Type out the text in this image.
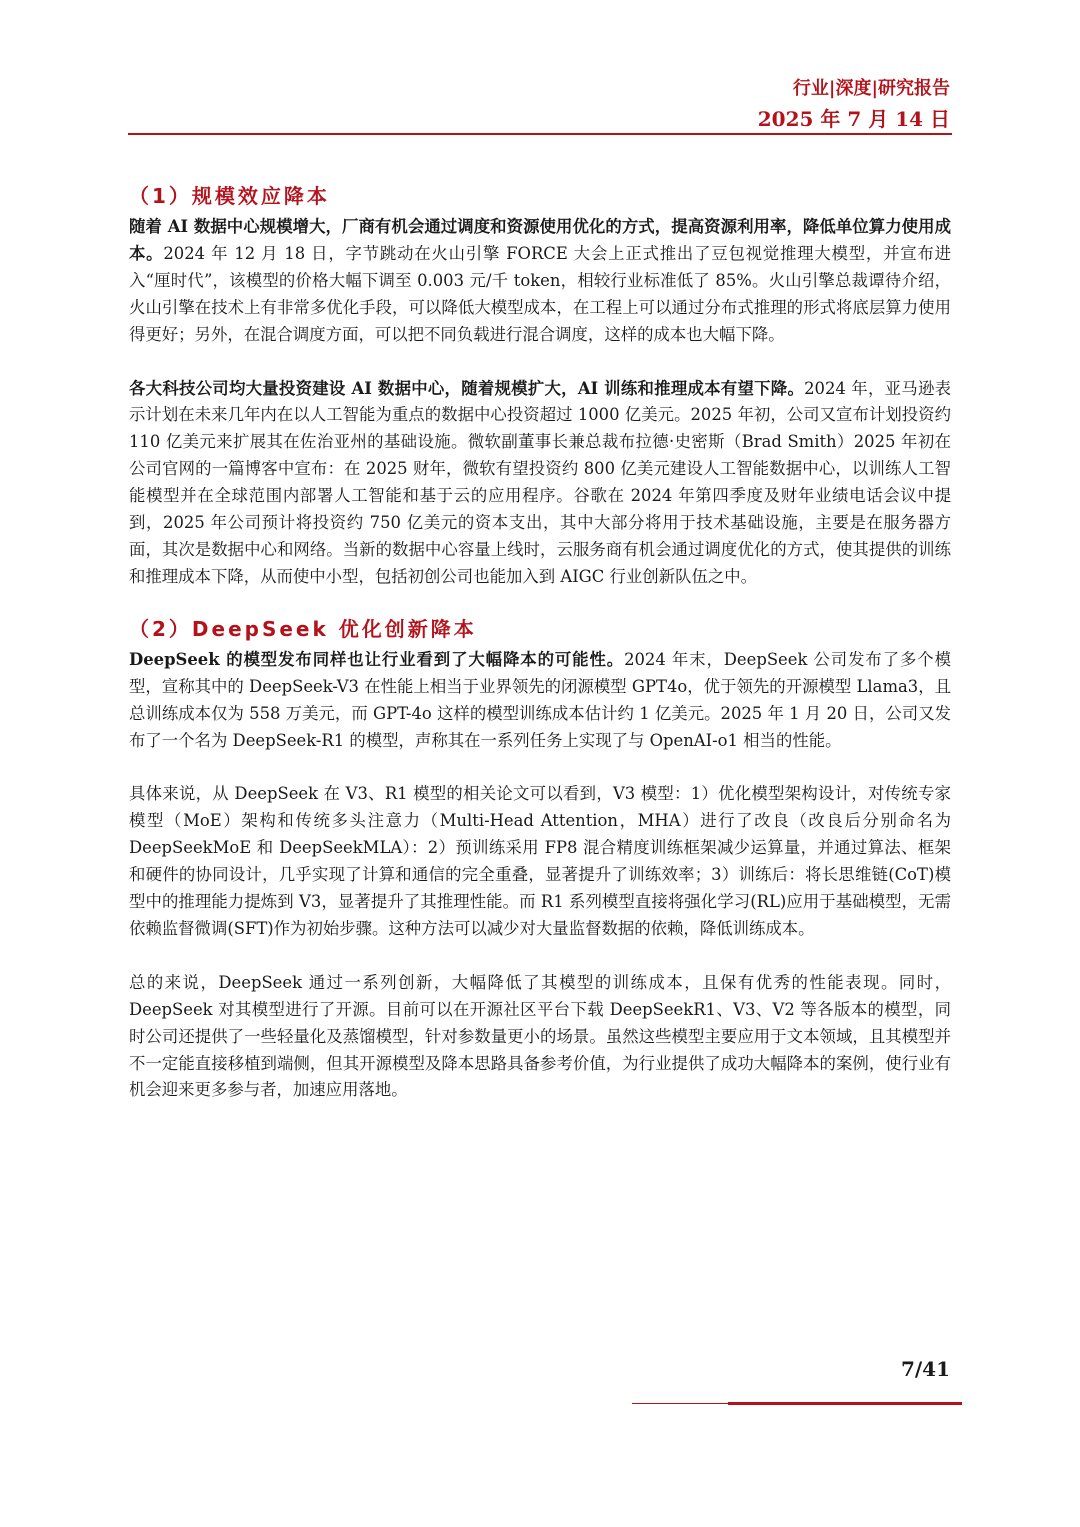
行业|深度|研究报告
2025 年 7 月 14 日
（1）规模效应降本

随着 AI 数据中心规模增大，厂商有机会通过调度和资源使用优化的方式，提高资源利用率，降低单位算力使用成本。2024 年 12 月 18 日，字节跳动在火山引擎 FORCE 大会上正式推出了豆包视觉推理大模型，并宣布进入“厘时代”，该模型的价格大幅下调至 0.003 元/千 token，相较行业标准低了 85%。火山引擎总裁谭待介绍，火山引擎在技术上有非常多优化手段，可以降低大模型成本，在工程上可以通过分布式推理的形式将底层算力使用得更好；另外，在混合调度方面，可以把不同负载进行混合调度，这样的成本也大幅下降。

各大科技公司均大量投资建设 AI 数据中心，随着规模扩大，AI 训练和推理成本有望下降。2024 年，亚马逊表示计划在未来几年内在以人工智能为重点的数据中心投资超过 1000 亿美元。2025 年初，公司又宣布计划投资约 110 亿美元来扩展其在佐治亚州的基础设施。微软副董事长兼总裁布拉德·史密斯（Brad Smith）2025 年初在公司官网的一篇博客中宣布：在 2025 财年，微软有望投资约 800 亿美元建设人工智能数据中心，以训练人工智能模型并在全球范围内部署人工智能和基于云的应用程序。谷歌在 2024 年第四季度及财年业绩电话会议中提到，2025 年公司预计将投资约 750 亿美元的资本支出，其中大部分将用于技术基础设施，主要是在服务器方面，其次是数据中心和网络。当新的数据中心容量上线时，云服务商有机会通过调度优化的方式，使其提供的训练和推理成本下降，从而使中小型，包括初创公司也能加入到 AIGC 行业创新队伍之中。

（2）DeepSeek 优化创新降本

DeepSeek 的模型发布同样也让行业看到了大幅降本的可能性。2024 年末，DeepSeek 公司发布了多个模型，宣称其中的 DeepSeek-V3 在性能上相当于业界领先的闭源模型 GPT4o，优于领先的开源模型 Llama3，且总训练成本仅为 558 万美元，而 GPT-4o 这样的模型训练成本估计约 1 亿美元。2025 年 1 月 20 日，公司又发布了一个名为 DeepSeek-R1 的模型，声称其在一系列任务上实现了与 OpenAI-o1 相当的性能。

具体来说，从 DeepSeek 在 V3、R1 模型的相关论文可以看到，V3 模型：1）优化模型架构设计，对传统专家模型（MoE）架构和传统多头注意力（Multi-Head Attention，MHA）进行了改良（改良后分别命名为 DeepSeekMoE 和 DeepSeekMLA）：2）预训练采用 FP8 混合精度训练框架减少运算量，并通过算法、框架和硬件的协同设计，几乎实现了计算和通信的完全重叠，显著提升了训练效率；3）训练后：将长思维链(CoT)模型中的推理能力提炼到 V3，显著提升了其推理性能。而 R1 系列模型直接将强化学习(RL)应用于基础模型，无需依赖监督微调(SFT)作为初始步骤。这种方法可以减少对大量监督数据的依赖，降低训练成本。

总的来说，DeepSeek 通过一系列创新，大幅降低了其模型的训练成本，且保有优秀的性能表现。同时，DeepSeek 对其模型进行了开源。目前可以在开源社区平台下载 DeepSeekR1、V3、V2 等各版本的模型，同时公司还提供了一些轻量化及蒸馏模型，针对参数量更小的场景。虽然这些模型主要应用于文本领域，且其模型并不一定能直接移植到端侧，但其开源模型及降本思路具备参考价值，为行业提供了成功大幅降本的案例，使行业有机会迎来更多参与者，加速应用落地。

7/41
